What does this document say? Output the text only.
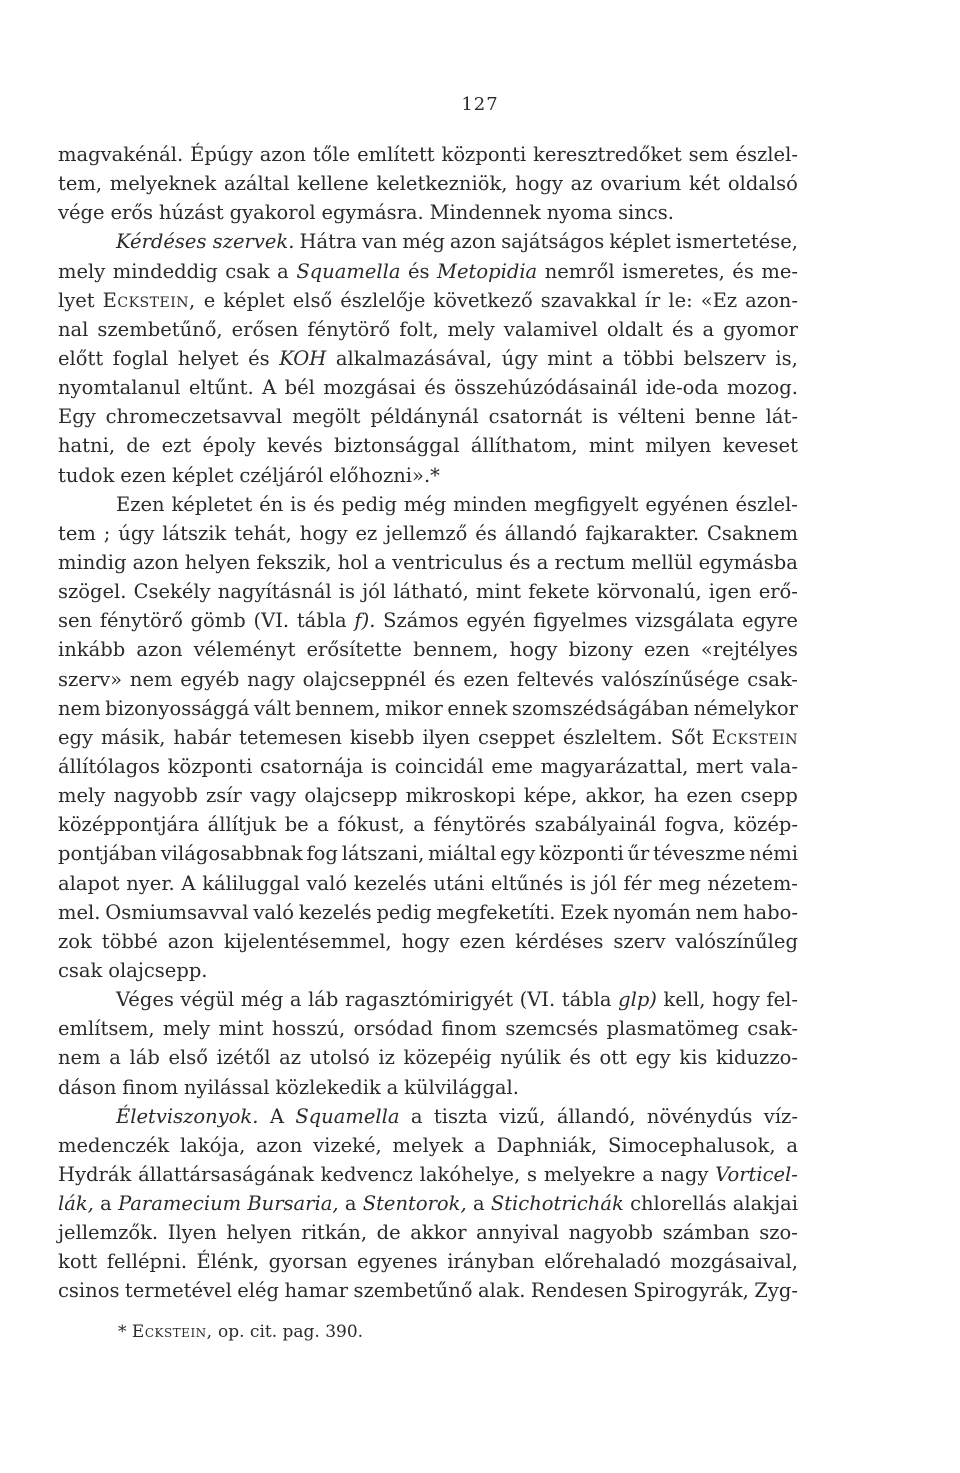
127
magvakénál. Épúgy azon tőle említett központi keresztredőket sem észlel-
tem, melyeknek azáltal kellene keletkezniök, hogy az ovarium két oldalsó
vége erős húzást gyakorol egymásra. Mindennek nyoma sincs.
Kérdéses szervek. Hátra van még azon sajátságos képlet ismertetése,
mely mindeddig csak a Squamella és Metopidia nemről ismeretes, és me-
lyet Eckstein, e képlet első észlelője következő szavakkal ír le: «Ez azon-
nal szembetűnő, erősen fénytörő folt, mely valamivel oldalt és a gyomor
előtt foglal helyet és KOH alkalmazásával, úgy mint a többi belszerv is,
nyomtalanul eltűnt. A bél mozgásai és összehúzódásainál ide-oda mozog.
Egy chromeczetsavval megölt példánynál csatornát is vélteni benne lát-
hatni, de ezt époly kevés biztonsággal állíthatom, mint milyen keveset
tudok ezen képlet czéljáról előhozni».*
Ezen képletet én is és pedig még minden megfigyelt egyénen észlel-
tem ; úgy látszik tehát, hogy ez jellemző és állandó fajkarakter. Csaknem
mindig azon helyen fekszik, hol a ventriculus és a rectum mellül egymásba
szögel. Csekély nagyításnál is jól látható, mint fekete körvonalú, igen erő-
sen fénytörő gömb (VI. tábla f). Számos egyén figyelmes vizsgálata egyre
inkább azon véleményt erősítette bennem, hogy bizony ezen «rejtélyes
szerv» nem egyéb nagy olajcseppnél és ezen feltevés valószínűsége csak-
nem bizonyossággá vált bennem, mikor ennek szomszédságában némelykor
egy másik, habár tetemesen kisebb ilyen cseppet észleltem. Sőt Eckstein
állítólagos központi csatornája is coincidál eme magyarázattal, mert vala-
mely nagyobb zsír vagy olajcsepp mikroskopi képe, akkor, ha ezen csepp
középpontjára állítjuk be a fókust, a fénytörés szabályainál fogva, közép-
pontjában világosabbnak fog látszani, miáltal egy központi űr téveszme némi
alapot nyer. A káliluggal való kezelés utáni eltűnés is jól fér meg nézetem-
mel. Osmiumsavval való kezelés pedig megfeketíti. Ezek nyomán nem habo-
zok többé azon kijelentésemmel, hogy ezen kérdéses szerv valószínűleg
csak olajcsepp.
Véges végül még a láb ragasztómirigyét (VI. tábla glp) kell, hogy fel-
említsem, mely mint hosszú, orsódad finom szemcsés plasmatömeg csak-
nem a láb első izétől az utolsó iz közepéig nyúlik és ott egy kis kiduzzo-
dáson finom nyilással közlekedik a külvilággal.
Életviszonyok. A Squamella a tiszta vizű, állandó, növénydús víz-
medenczék lakója, azon vizeké, melyek a Daphniák, Simocephalusok, a
Hydrák állattársaságának kedvencz lakóhelye, s melyekre a nagy Vorticel-
lák, a Paramecium Bursaria, a Stentorok, a Stichotrichák chlorellás alakjai
jellemzők. Ilyen helyen ritkán, de akkor annyival nagyobb számban szo-
kott fellépni. Élénk, gyorsan egyenes irányban előrehaladó mozgásaival,
csinos termetével elég hamar szembetűnő alak. Rendesen Spirogyrák, Zyg-
* Eckstein, op. cit. pag. 390.
